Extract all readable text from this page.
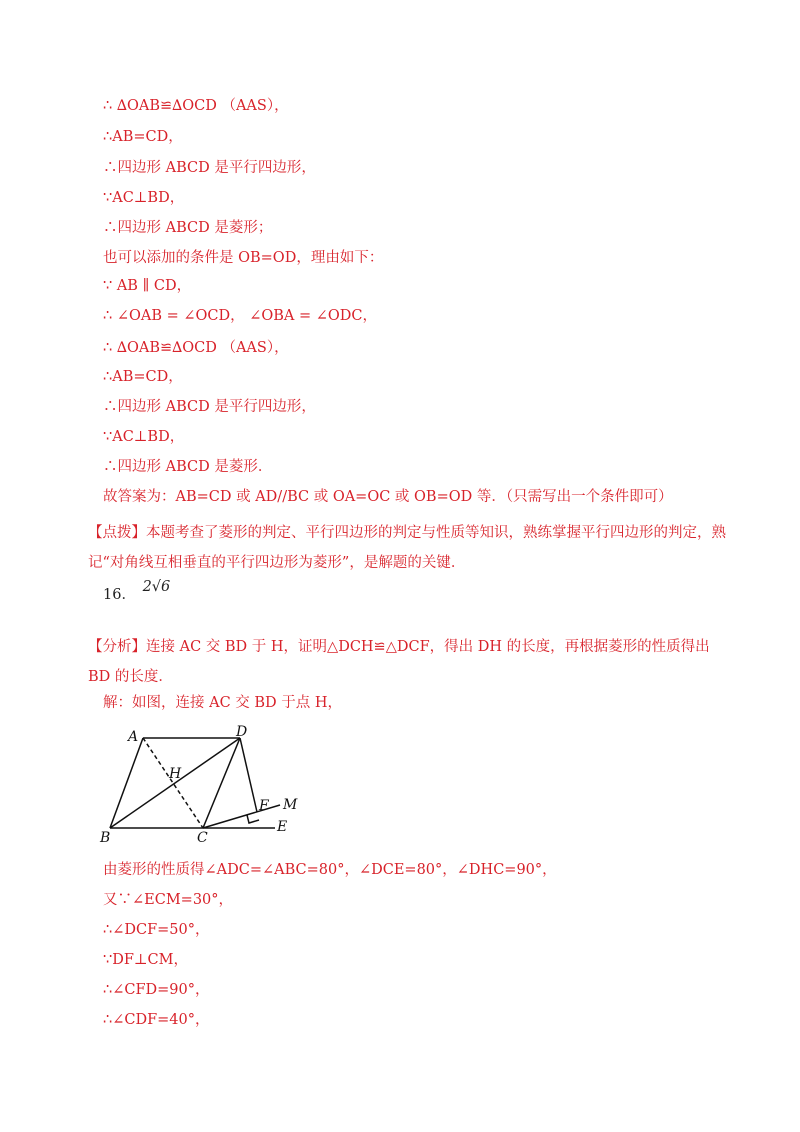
∴ ∆OAB≌∆OCD （AAS），
∴AB=CD，
∴四边形 ABCD 是平行四边形，
∵AC⊥BD，
∴四边形 ABCD 是菱形；
也可以添加的条件是 OB=OD，理由如下：
∵ AB ∥ CD，
∴ ∠OAB = ∠OCD， ∠OBA = ∠ODC，
∴ ∆OAB≌∆OCD （AAS），
∴AB=CD，
∴四边形 ABCD 是平行四边形，
∵AC⊥BD，
∴四边形 ABCD 是菱形．
故答案为：AB=CD 或 AD//BC 或 OA=OC 或 OB=OD 等．（只需写出一个条件即可）
【点拨】本题考查了菱形的判定、平行四边形的判定与性质等知识，熟练掌握平行四边形的判定，熟记“对角线互相垂直的平行四边形为菱形”，是解题的关键．
16． 2√6
【分析】连接 AC 交 BD 于 H，证明△DCH≌△DCF，得出 DH 的长度，再根据菱形的性质得出 BD 的长度．
解：如图，连接 AC 交 BD 于点 H，
A	D
H
F M
B	C
E
由菱形的性质得∠ADC=∠ABC=80°，∠DCE=80°，∠DHC=90°，
又∵∠ECM=30°，
∴∠DCF=50°，
∵DF⊥CM，
∴∠CFD=90°，
∴∠CDF=40°，
